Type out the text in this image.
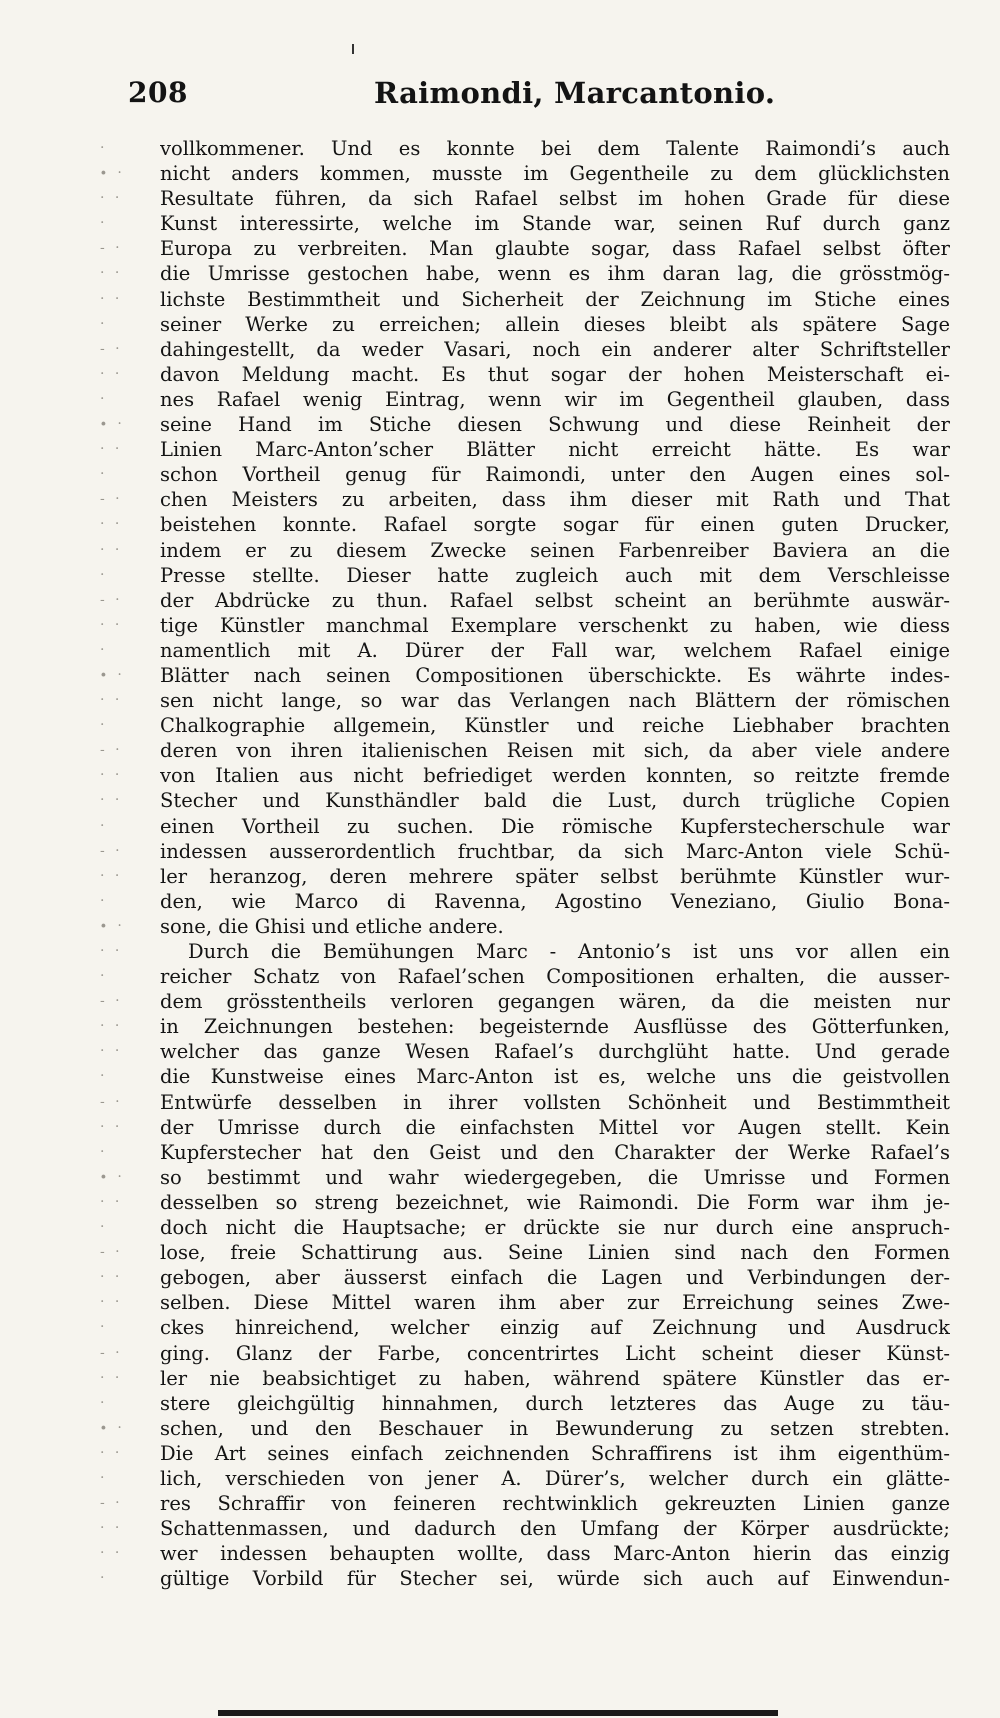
208	Raimondi, Marcantonio.
·
∙ ·
· ·
·
- ·
· ·
· ·
·
- ·
· ·
·
∙ ·
· ·
·
- ·
· ·
· ·
·
- ·
· ·
·
∙ ·
· ·
·
- ·
· ·
· ·
·
- ·
· ·
·
∙ ·
· ·
·
- ·
· ·
· ·
·
- ·
· ·
·
∙ ·
· ·
·
- ·
· ·
· ·
·
- ·
· ·
·
∙ ·
· ·
·
- ·
· ·
· ·
·
vollkommener. Und es konnte bei dem Talente Raimondi’s auch
nicht anders kommen, musste im Gegentheile zu dem glücklichsten
Resultate führen, da sich Rafael selbst im hohen Grade für diese
Kunst interessirte, welche im Stande war, seinen Ruf durch ganz
Europa zu verbreiten. Man glaubte sogar, dass Rafael selbst öfter
die Umrisse gestochen habe, wenn es ihm daran lag, die grösstmög-
lichste Bestimmtheit und Sicherheit der Zeichnung im Stiche eines
seiner Werke zu erreichen; allein dieses bleibt als spätere Sage
dahingestellt, da weder Vasari, noch ein anderer alter Schriftsteller
davon Meldung macht. Es thut sogar der hohen Meisterschaft ei-
nes Rafael wenig Eintrag, wenn wir im Gegentheil glauben, dass
seine Hand im Stiche diesen Schwung und diese Reinheit der
Linien Marc-Anton’scher Blätter nicht erreicht hätte. Es war
schon Vortheil genug für Raimondi, unter den Augen eines sol-
chen Meisters zu arbeiten, dass ihm dieser mit Rath und That
beistehen konnte. Rafael sorgte sogar für einen guten Drucker,
indem er zu diesem Zwecke seinen Farbenreiber Baviera an die
Presse stellte. Dieser hatte zugleich auch mit dem Verschleisse
der Abdrücke zu thun. Rafael selbst scheint an berühmte auswär-
tige Künstler manchmal Exemplare verschenkt zu haben, wie diess
namentlich mit A. Dürer der Fall war, welchem Rafael einige
Blätter nach seinen Compositionen überschickte. Es währte indes-
sen nicht lange, so war das Verlangen nach Blättern der römischen
Chalkographie allgemein, Künstler und reiche Liebhaber brachten
deren von ihren italienischen Reisen mit sich, da aber viele andere
von Italien aus nicht befriediget werden konnten, so reitzte fremde
Stecher und Kunsthändler bald die Lust, durch trügliche Copien
einen Vortheil zu suchen. Die römische Kupferstecherschule war
indessen ausserordentlich fruchtbar, da sich Marc-Anton viele Schü-
ler heranzog, deren mehrere später selbst berühmte Künstler wur-
den, wie Marco di Ravenna, Agostino Veneziano, Giulio Bona-
sone, die Ghisi und etliche andere.
Durch die Bemühungen Marc - Antonio’s ist uns vor allen ein
reicher Schatz von Rafael’schen Compositionen erhalten, die ausser-
dem grösstentheils verloren gegangen wären, da die meisten nur
in Zeichnungen bestehen: begeisternde Ausflüsse des Götterfunken,
welcher das ganze Wesen Rafael’s durchglüht hatte. Und gerade
die Kunstweise eines Marc-Anton ist es, welche uns die geistvollen
Entwürfe desselben in ihrer vollsten Schönheit und Bestimmtheit
der Umrisse durch die einfachsten Mittel vor Augen stellt. Kein
Kupferstecher hat den Geist und den Charakter der Werke Rafael’s
so bestimmt und wahr wiedergegeben, die Umrisse und Formen
desselben so streng bezeichnet, wie Raimondi. Die Form war ihm je-
doch nicht die Hauptsache; er drückte sie nur durch eine anspruch-
lose, freie Schattirung aus. Seine Linien sind nach den Formen
gebogen, aber äusserst einfach die Lagen und Verbindungen der-
selben. Diese Mittel waren ihm aber zur Erreichung seines Zwe-
ckes hinreichend, welcher einzig auf Zeichnung und Ausdruck
ging. Glanz der Farbe, concentrirtes Licht scheint dieser Künst-
ler nie beabsichtiget zu haben, während spätere Künstler das er-
stere gleichgültig hinnahmen, durch letzteres das Auge zu täu-
schen, und den Beschauer in Bewunderung zu setzen strebten.
Die Art seines einfach zeichnenden Schraffirens ist ihm eigenthüm-
lich, verschieden von jener A. Dürer’s, welcher durch ein glätte-
res Schraffir von feineren rechtwinklich gekreuzten Linien ganze
Schattenmassen, und dadurch den Umfang der Körper ausdrückte;
wer indessen behaupten wollte, dass Marc-Anton hierin das einzig
gültige Vorbild für Stecher sei, würde sich auch auf Einwendun-
